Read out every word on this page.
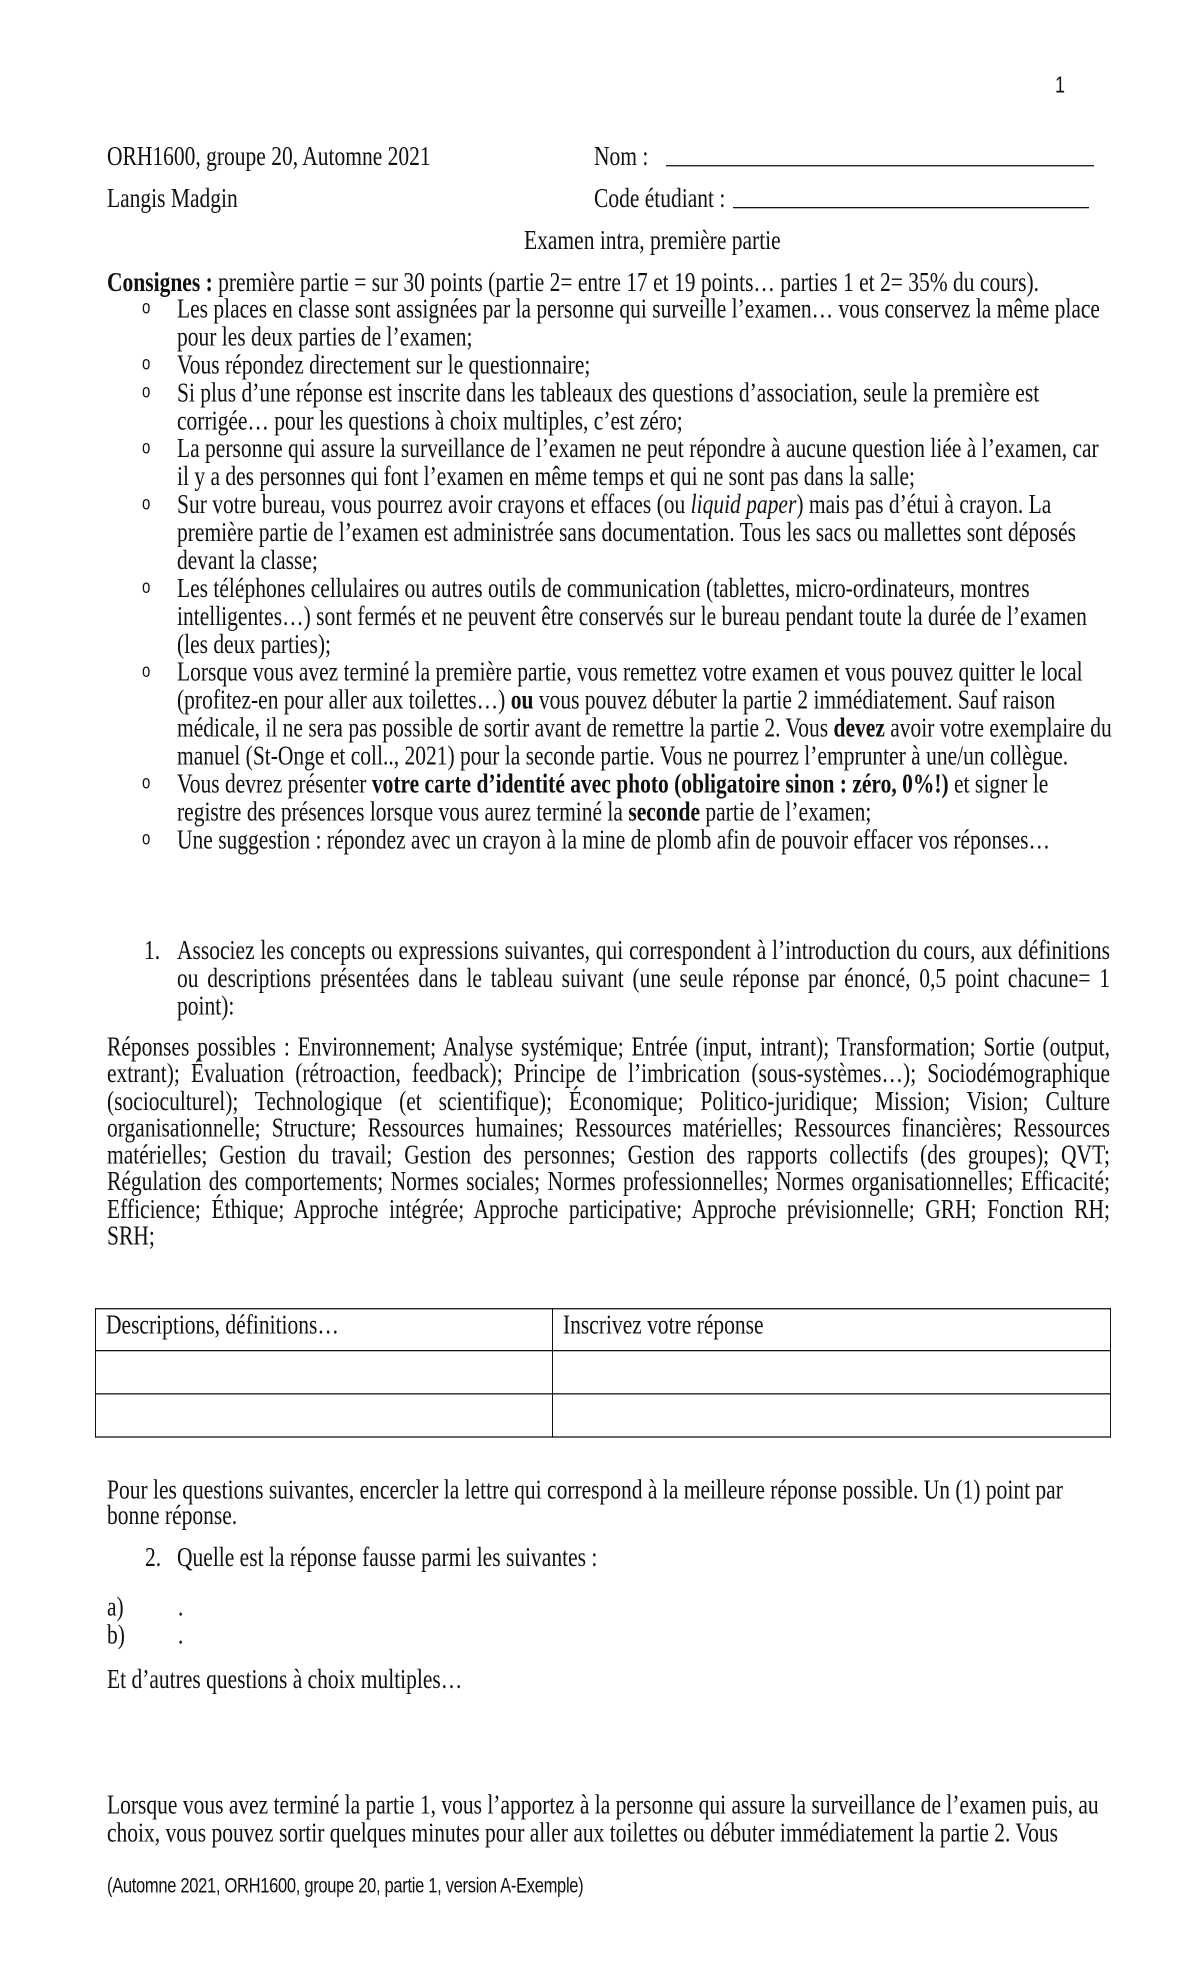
1
ORH1600, groupe 20, Automne 2021	Nom :
Langis Madgin	Code étudiant :
Examen intra, première partie
Consignes : première partie = sur 30 points (partie 2= entre 17 et 19 points… parties 1 et 2= 35% du cours).
o Les places en classe sont assignées par la personne qui surveille l’examen… vous conservez la même place pour les deux parties de l’examen;
o Vous répondez directement sur le questionnaire;
o Si plus d’une réponse est inscrite dans les tableaux des questions d’association, seule la première est corrigée… pour les questions à choix multiples, c’est zéro;
o La personne qui assure la surveillance de l’examen ne peut répondre à aucune question liée à l’examen, car il y a des personnes qui font l’examen en même temps et qui ne sont pas dans la salle;
o Sur votre bureau, vous pourrez avoir crayons et effaces (ou liquid paper) mais pas d’étui à crayon. La première partie de l’examen est administrée sans documentation. Tous les sacs ou mallettes sont déposés devant la classe;
o Les téléphones cellulaires ou autres outils de communication (tablettes, micro-ordinateurs, montres intelligentes…) sont fermés et ne peuvent être conservés sur le bureau pendant toute la durée de l’examen (les deux parties);
o Lorsque vous avez terminé la première partie, vous remettez votre examen et vous pouvez quitter le local (profitez-en pour aller aux toilettes…) ou vous pouvez débuter la partie 2 immédiatement. Sauf raison médicale, il ne sera pas possible de sortir avant de remettre la partie 2. Vous devez avoir votre exemplaire du manuel (St-Onge et coll.., 2021) pour la seconde partie. Vous ne pourrez l’emprunter à une/un collègue.
o Vous devrez présenter votre carte d’identité avec photo (obligatoire sinon : zéro, 0%!) et signer le registre des présences lorsque vous aurez terminé la seconde partie de l’examen;
o Une suggestion : répondez avec un crayon à la mine de plomb afin de pouvoir effacer vos réponses…
1. Associez les concepts ou expressions suivantes, qui correspondent à l’introduction du cours, aux définitions ou descriptions présentées dans le tableau suivant (une seule réponse par énoncé, 0,5 point chacune= 1 point):
Réponses possibles : Environnement; Analyse systémique; Entrée (input, intrant); Transformation; Sortie (output, extrant); Évaluation (rétroaction, feedback); Principe de l’imbrication (sous-systèmes…); Sociodémographique (socioculturel); Technologique (et scientifique); Économique; Politico-juridique; Mission; Vision; Culture organisationnelle; Structure; Ressources humaines; Ressources matérielles; Ressources financières; Ressources matérielles; Gestion du travail; Gestion des personnes; Gestion des rapports collectifs (des groupes); QVT; Régulation des comportements; Normes sociales; Normes professionnelles; Normes organisationnelles; Efficacité; Efficience; Éthique; Approche intégrée; Approche participative; Approche prévisionnelle; GRH; Fonction RH; SRH;
Descriptions, définitions…	Inscrivez votre réponse

Pour les questions suivantes, encercler la lettre qui correspond à la meilleure réponse possible. Un (1) point par bonne réponse.
2. Quelle est la réponse fausse parmi les suivantes :
a)	.
b) .
Et d’autres questions à choix multiples…
Lorsque vous avez terminé la partie 1, vous l’apportez à la personne qui assure la surveillance de l’examen puis, au choix, vous pouvez sortir quelques minutes pour aller aux toilettes ou débuter immédiatement la partie 2. Vous
(Automne 2021, ORH1600, groupe 20, partie 1, version A-Exemple)
